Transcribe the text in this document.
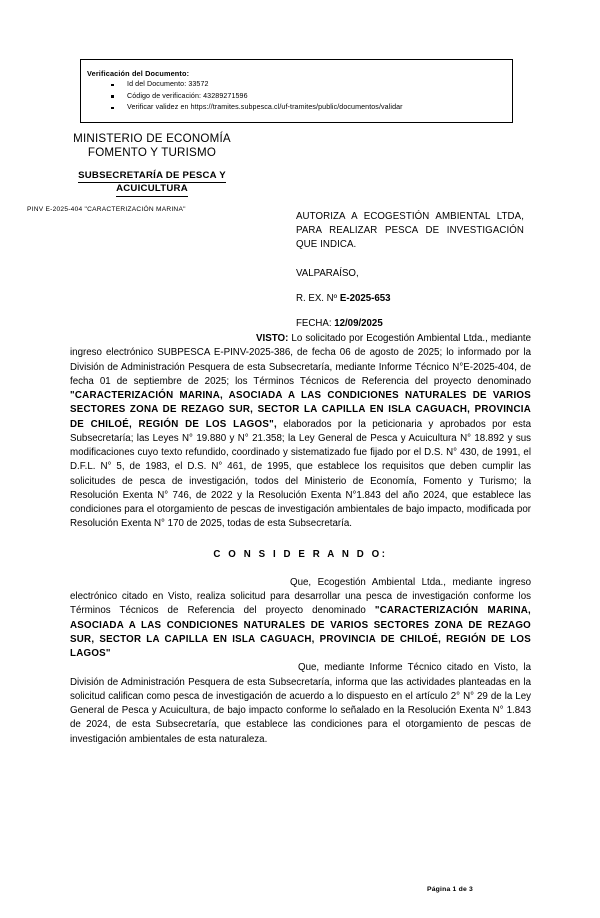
Verificación del Documento:
Id del Documento: 33572
Código de verificación: 43289271596
Verificar validez en https://tramites.subpesca.cl/uf-tramites/public/documentos/validar
MINISTERIO DE ECONOMÍA
FOMENTO Y TURISMO
SUBSECRETARÍA DE PESCA Y
ACUICULTURA
PINV E-2025-404 "CARACTERIZACIÓN MARINA"
AUTORIZA A ECOGESTIÓN AMBIENTAL LTDA, PARA REALIZAR PESCA DE INVESTIGACIÓN QUE INDICA.
VALPARAÍSO,
R. EX. Nº E-2025-653
FECHA: 12/09/2025

VISTO: Lo solicitado por Ecogestión Ambiental Ltda., mediante ingreso electrónico SUBPESCA E-PINV-2025-386, de fecha 06 de agosto de 2025; lo informado por la División de Administración Pesquera de esta Subsecretaría, mediante Informe Técnico N°E-2025-404, de fecha 01 de septiembre de 2025; los Términos Técnicos de Referencia del proyecto denominado "CARACTERIZACIÓN MARINA, ASOCIADA A LAS CONDICIONES NATURALES DE VARIOS SECTORES ZONA DE REZAGO SUR, SECTOR LA CAPILLA EN ISLA CAGUACH, PROVINCIA DE CHILOÉ, REGIÓN DE LOS LAGOS", elaborados por la peticionaria y aprobados por esta Subsecretaría; las Leyes N° 19.880 y N° 21.358; la Ley General de Pesca y Acuicultura N° 18.892 y sus modificaciones cuyo texto refundido, coordinado y sistematizado fue fijado por el D.S. N° 430, de 1991, el D.F.L. N° 5, de 1983, el D.S. N° 461, de 1995, que establece los requisitos que deben cumplir las solicitudes de pesca de investigación, todos del Ministerio de Economía, Fomento y Turismo; la Resolución Exenta N° 746, de 2022 y la Resolución Exenta N°1.843 del año 2024, que establece las condiciones para el otorgamiento de pescas de investigación ambientales de bajo impacto, modificada por Resolución Exenta N° 170 de 2025, todas de esta Subsecretaría.

C O N S I D E R A N D O:

Que, Ecogestión Ambiental Ltda., mediante ingreso electrónico citado en Visto, realiza solicitud para desarrollar una pesca de investigación conforme los Términos Técnicos de Referencia del proyecto denominado "CARACTERIZACIÓN MARINA, ASOCIADA A LAS CONDICIONES NATURALES DE VARIOS SECTORES ZONA DE REZAGO SUR, SECTOR LA CAPILLA EN ISLA CAGUACH, PROVINCIA DE CHILOÉ, REGIÓN DE LOS LAGOS"

Que, mediante Informe Técnico citado en Visto, la División de Administración Pesquera de esta Subsecretaría, informa que las actividades planteadas en la solicitud califican como pesca de investigación de acuerdo a lo dispuesto en el artículo 2° N° 29 de la Ley General de Pesca y Acuicultura, de bajo impacto conforme lo señalado en la Resolución Exenta N° 1.843 de 2024, de esta Subsecretaría, que establece las condiciones para el otorgamiento de pescas de investigación ambientales de esta naturaleza.

Página 1 de 3
